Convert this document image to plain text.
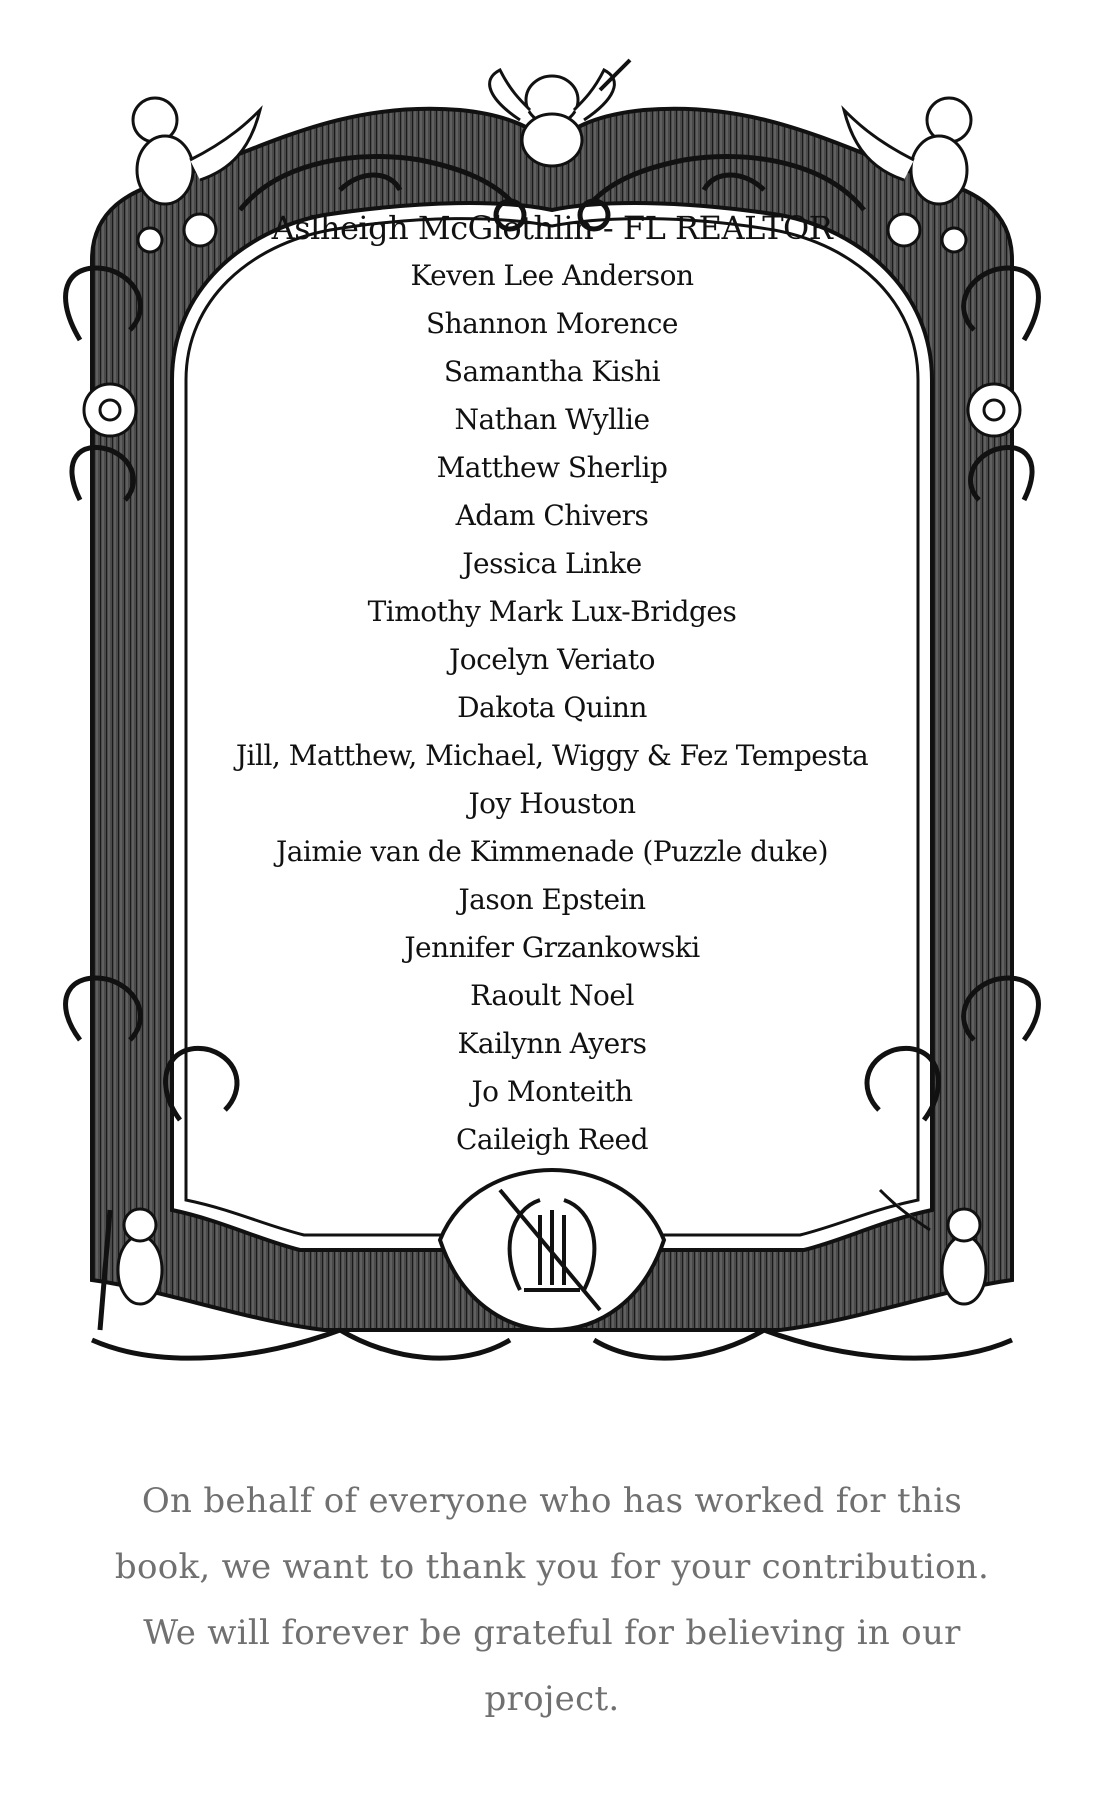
Aslheigh McGlothlin - FL REALTOR
Keven Lee Anderson
Shannon Morence
Samantha Kishi
Nathan Wyllie
Matthew Sherlip
Adam Chivers
Jessica Linke
Timothy Mark Lux-Bridges
Jocelyn Veriato
Dakota Quinn
Jill, Matthew, Michael, Wiggy & Fez Tempesta
Joy Houston
Jaimie van de Kimmenade (Puzzle duke)
Jason Epstein
Jennifer Grzankowski
Raoult Noel
Kailynn Ayers
Jo Monteith
Caileigh Reed

On behalf of everyone who has worked for this book, we want to thank you for your contribution. We will forever be grateful for believing in our project.
